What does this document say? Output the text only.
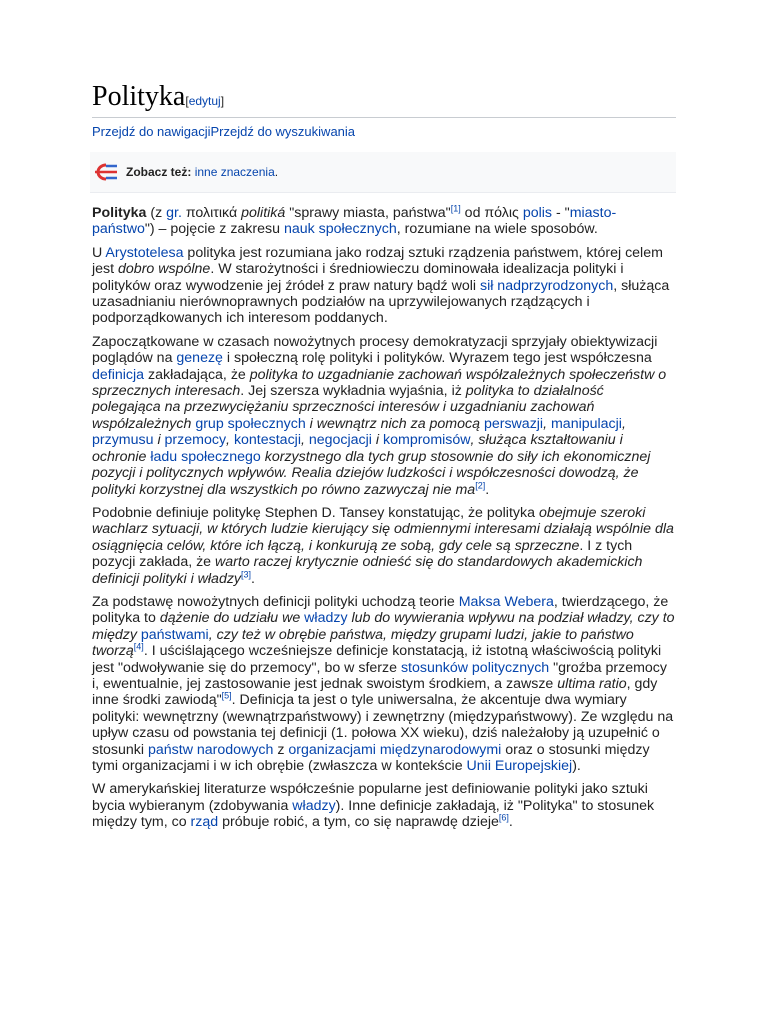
Polityka[edytuj]
Przejdź do nawigacjiPrzejdź do wyszukiwania
Zobacz też: inne znaczenia.

Polityka (z gr. πολιτικά politiká "sprawy miasta, państwa"[1] od πόλις polis - "miasto-państwo") – pojęcie z zakresu nauk społecznych, rozumiane na wiele sposobów.

U Arystotelesa polityka jest rozumiana jako rodzaj sztuki rządzenia państwem, której celem jest dobro wspólne. W starożytności i średniowieczu dominowała idealizacja polityki i polityków oraz wywodzenie jej źródeł z praw natury bądź woli sił nadprzyrodzonych, służąca uzasadnianiu nierównoprawnych podziałów na uprzywilejowanych rządzących i podporządkowanych ich interesom poddanych.

Zapoczątkowane w czasach nowożytnych procesy demokratyzacji sprzyjały obiektywizacji poglądów na genezę i społeczną rolę polityki i polityków. Wyrazem tego jest współczesna definicja zakładająca, że polityka to uzgadnianie zachowań współzależnych społeczeństw o sprzecznych interesach. Jej szersza wykładnia wyjaśnia, iż polityka to działalność polegająca na przezwyciężaniu sprzeczności interesów i uzgadnianiu zachowań współzależnych grup społecznych i wewnątrz nich za pomocą perswazji, manipulacji, przymusu i przemocy, kontestacji, negocjacji i kompromisów, służąca kształtowaniu i ochronie ładu społecznego korzystnego dla tych grup stosownie do siły ich ekonomicznej pozycji i politycznych wpływów. Realia dziejów ludzkości i współczesności dowodzą, że polityki korzystnej dla wszystkich po równo zazwyczaj nie ma[2].

Podobnie definiuje politykę Stephen D. Tansey konstatując, że polityka obejmuje szeroki wachlarz sytuacji, w których ludzie kierujący się odmiennymi interesami działają wspólnie dla osiągnięcia celów, które ich łączą, i konkurują ze sobą, gdy cele są sprzeczne. I z tych pozycji zakłada, że warto raczej krytycznie odnieść się do standardowych akademickich definicji polityki i władzy[3].

Za podstawę nowożytnych definicji polityki uchodzą teorie Maksa Webera, twierdzącego, że polityka to dążenie do udziału we władzy lub do wywierania wpływu na podział władzy, czy to między państwami, czy też w obrębie państwa, między grupami ludzi, jakie to państwo tworzą[4]. I uściślającego wcześniejsze definicje konstatacją, iż istotną właściwością polityki jest "odwoływanie się do przemocy", bo w sferze stosunków politycznych "groźba przemocy i, ewentualnie, jej zastosowanie jest jednak swoistym środkiem, a zawsze ultima ratio, gdy inne środki zawiodą"[5]. Definicja ta jest o tyle uniwersalna, że akcentuje dwa wymiary polityki: wewnętrzny (wewnątrzpaństwowy) i zewnętrzny (międzypaństwowy). Ze względu na upływ czasu od powstania tej definicji (1. połowa XX wieku), dziś należałoby ją uzupełnić o stosunki państw narodowych z organizacjami międzynarodowymi oraz o stosunki między tymi organizacjami i w ich obrębie (zwłaszcza w kontekście Unii Europejskiej).

W amerykańskiej literaturze współcześnie popularne jest definiowanie polityki jako sztuki bycia wybieranym (zdobywania władzy). Inne definicje zakładają, iż "Polityka" to stosunek między tym, co rząd próbuje robić, a tym, co się naprawdę dzieje[6].
